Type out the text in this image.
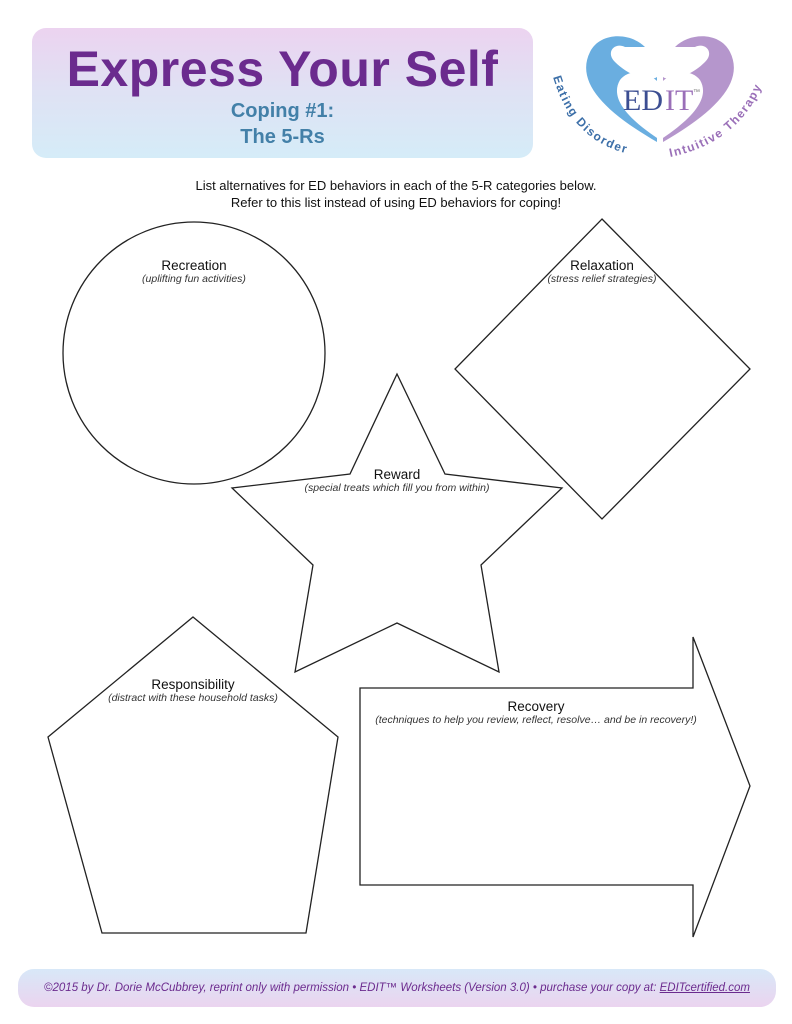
Express Your Self
Coping #1:
The 5-Rs
ED IT ™
Eating Disorder	Intuitive Therapy
List alternatives for ED behaviors in each of the 5-R categories below.
Refer to this list instead of using ED behaviors for coping!
Recreation
(uplifting fun activities)
Relaxation
(stress relief strategies)
Reward
(special treats which fill you from within)
Responsibility
(distract with these household tasks)
Recovery
(techniques to help you review, reflect, resolve… and be in recovery!)
©2015 by Dr. Dorie McCubbrey, reprint only with permission • EDIT™ Worksheets (Version 3.0) • purchase your copy at: EDITcertified.com
